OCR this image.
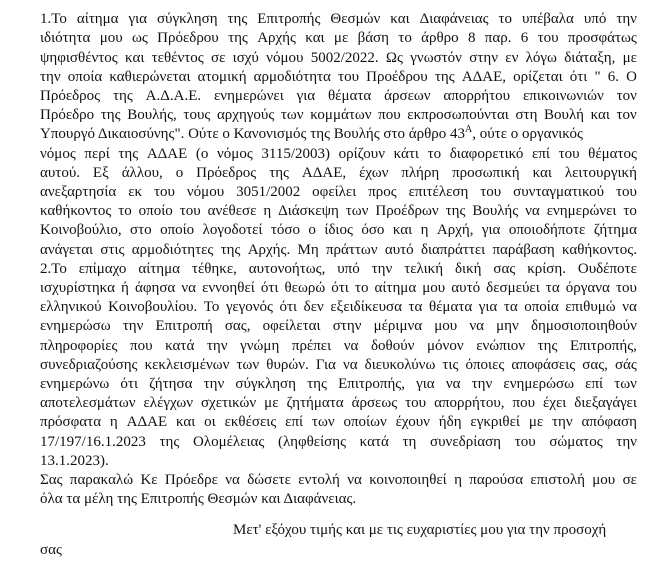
1.Το αίτημα για σύγκληση της Επιτροπής Θεσμών και Διαφάνειας το υπέβαλα υπό την
ιδιότητα μου ως Πρόεδρου της Αρχής και με βάση το άρθρο 8 παρ. 6 του προσφάτως
ψηφισθέντος και τεθέντος σε ισχύ νόμου 5002/2022. Ως γνωστόν στην εν λόγω διάταξη, με
την οποία καθιερώνεται ατομική αρμοδιότητα του Προέδρου της ΑΔΑΕ, ορίζεται ότι " 6. Ο
Πρόεδρος της Α.Δ.Α.Ε. ενημερώνει για θέματα άρσεων απορρήτου επικοινωνιών τον
Πρόεδρο της Βουλής, τους αρχηγούς των κομμάτων που εκπροσωπούνται στη Βουλή και τον
Υπουργό Δικαιοσύνης". Ούτε ο Κανονισμός της Βουλής στο άρθρο $43^A$, ούτε ο οργανικός
νόμος περί της ΑΔΑΕ (ο νόμος 3115/2003) ορίζουν κάτι το διαφορετικό επί του θέματος
αυτού. Εξ άλλου, ο Πρόεδρος της ΑΔΑΕ, έχων πλήρη προσωπική και λειτουργική
ανεξαρτησία εκ του νόμου 3051/2002 οφείλει προς επιτέλεση του συνταγματικού του
καθήκοντος το οποίο του ανέθεσε η Διάσκεψη των Προέδρων της Βουλής να ενημερώνει το
Κοινοβούλιο, στο οποίο λογοδοτεί τόσο ο ίδιος όσο και η Αρχή, για οποιοδήποτε ζήτημα
ανάγεται στις αρμοδιότητες της Αρχής. Μη πράττων αυτό διαπράττει παράβαση καθήκοντος.
2.Το επίμαχο αίτημα τέθηκε, αυτονοήτως, υπό την τελική δική σας κρίση. Ουδέποτε
ισχυρίστηκα ή άφησα να εννοηθεί ότι θεωρώ ότι το αίτημα μου αυτό δεσμεύει τα όργανα του
ελληνικού Κοινοβουλίου. Το γεγονός ότι δεν εξειδίκευσα τα θέματα για τα οποία επιθυμώ να
ενημερώσω την Επιτροπή σας, οφείλεται στην μέριμνα μου να μην δημοσιοποιηθούν
πληροφορίες που κατά την γνώμη πρέπει να δοθούν μόνον ενώπιον της Επιτροπής,
συνεδριαζούσης κεκλεισμένων των θυρών. Για να διευκολύνω τις όποιες αποφάσεις σας, σάς
ενημερώνω ότι ζήτησα την σύγκληση της Επιτροπής, για να την ενημερώσω επί των
αποτελεσμάτων ελέγχων σχετικών με ζητήματα άρσεως του απορρήτου, που έχει διεξαγάγει
πρόσφατα η ΑΔΑΕ και οι εκθέσεις επί των οποίων έχουν ήδη εγκριθεί με την απόφαση
17/197/16.1.2023 της Ολομέλειας (ληφθείσης κατά τη συνεδρίαση του σώματος την
13.1.2023).
Σας παρακαλώ Κε Πρόεδρε να δώσετε εντολή να κοινοποιηθεί η παρούσα επιστολή μου σε
όλα τα μέλη της Επιτροπής Θεσμών και Διαφάνειας.
Μετ' εξόχου τιμής και με τις ευχαριστίες μου για την προσοχή
σας
